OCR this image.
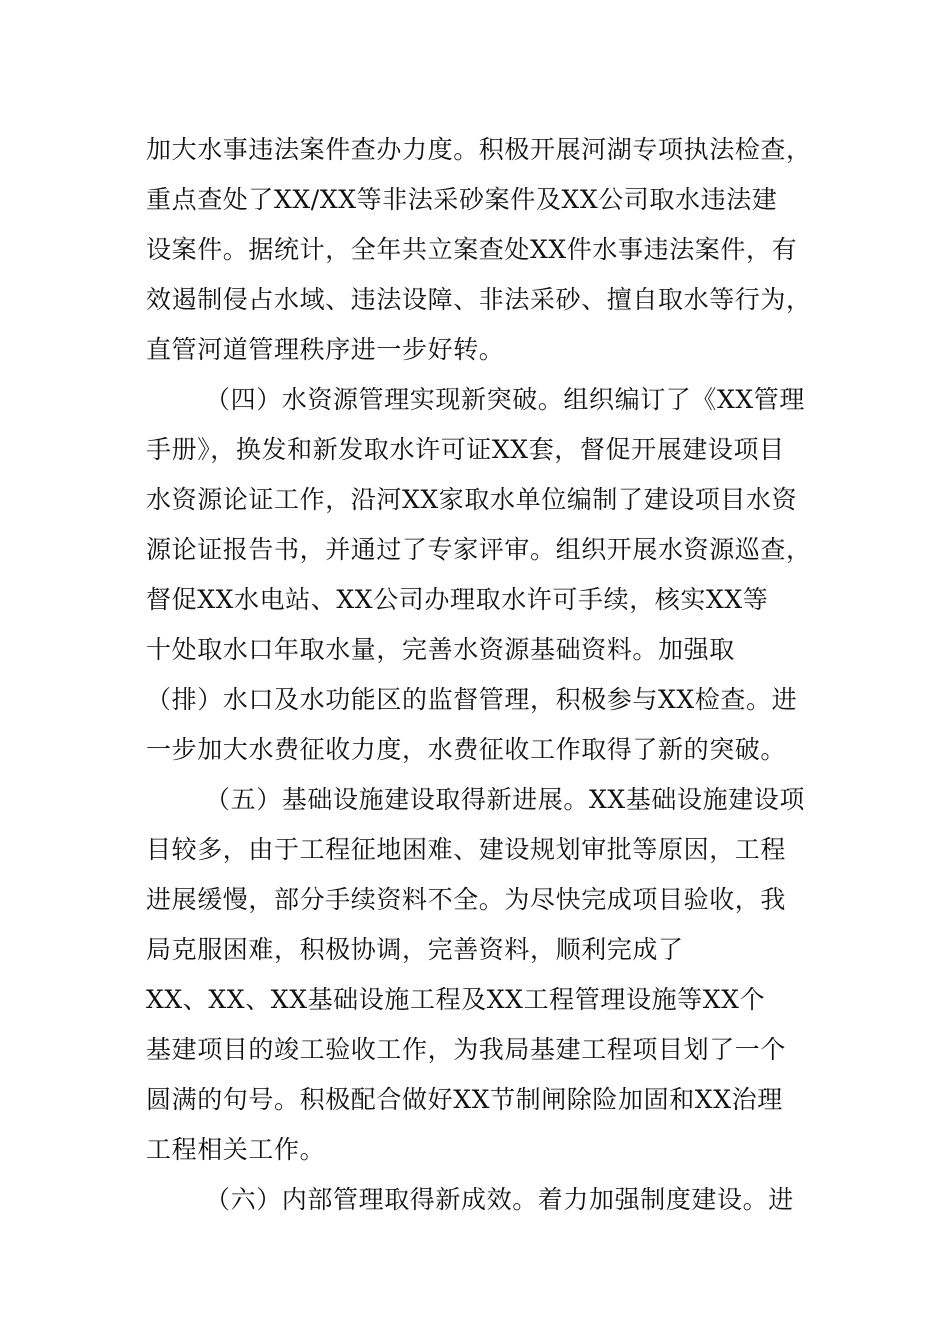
加大水事违法案件查办力度。积极开展河湖专项执法检查，
重点查处了XX/XX等非法采砂案件及XX公司取水违法建
设案件。据统计，全年共立案查处XX件水事违法案件，有
效遏制侵占水域、违法设障、非法采砂、擅自取水等行为，
直管河道管理秩序进一步好转。
（四）水资源管理实现新突破。组织编订了《XX管理
手册》，换发和新发取水许可证XX套，督促开展建设项目
水资源论证工作，沿河XX家取水单位编制了建设项目水资
源论证报告书，并通过了专家评审。组织开展水资源巡查，
督促XX水电站、XX公司办理取水许可手续，核实XX等
十处取水口年取水量，完善水资源基础资料。加强取
（排）水口及水功能区的监督管理，积极参与XX检查。进
一步加大水费征收力度，水费征收工作取得了新的突破。
（五）基础设施建设取得新进展。XX基础设施建设项
目较多，由于工程征地困难、建设规划审批等原因，工程
进展缓慢，部分手续资料不全。为尽快完成项目验收，我
局克服困难，积极协调，完善资料，顺利完成了
XX、XX、XX基础设施工程及XX工程管理设施等XX个
基建项目的竣工验收工作，为我局基建工程项目划了一个
圆满的句号。积极配合做好XX节制闸除险加固和XX治理
工程相关工作。
（六）内部管理取得新成效。着力加强制度建设。进
